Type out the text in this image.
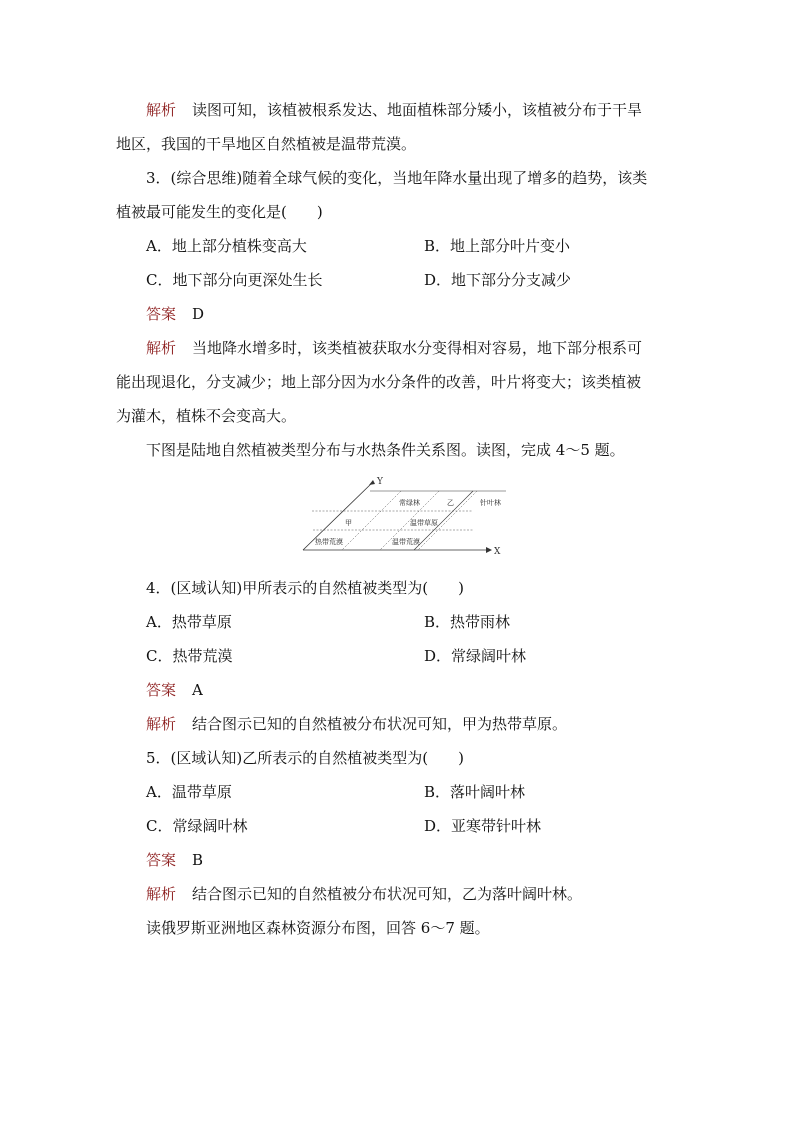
解析 读图可知，该植被根系发达、地面植株部分矮小，该植被分布于干旱
地区，我国的干旱地区自然植被是温带荒漠。
3．(综合思维)随着全球气候的变化，当地年降水量出现了增多的趋势，该类
植被最可能发生的变化是(　　)
A．地上部分植株变高大	B．地上部分叶片变小
C．地下部分向更深处生长	D．地下部分分支减少
答案 D
解析 当地降水增多时，该类植被获取水分变得相对容易，地下部分根系可
能出现退化，分支减少；地上部分因为水分条件的改善，叶片将变大；该类植被
为灌木，植株不会变高大。
下图是陆地自然植被类型分布与水热条件关系图。读图，完成 4～5 题。
Y
X
常绿林	乙	针叶林
甲	温带草原
热带荒漠	温带荒漠
4．(区域认知)甲所表示的自然植被类型为(　　)
A．热带草原	B．热带雨林
C．热带荒漠	D．常绿阔叶林
答案 A
解析 结合图示已知的自然植被分布状况可知，甲为热带草原。
5．(区域认知)乙所表示的自然植被类型为(　　)
A．温带草原	B．落叶阔叶林
C．常绿阔叶林	D．亚寒带针叶林
答案 B
解析 结合图示已知的自然植被分布状况可知，乙为落叶阔叶林。
读俄罗斯亚洲地区森林资源分布图，回答 6～7 题。
